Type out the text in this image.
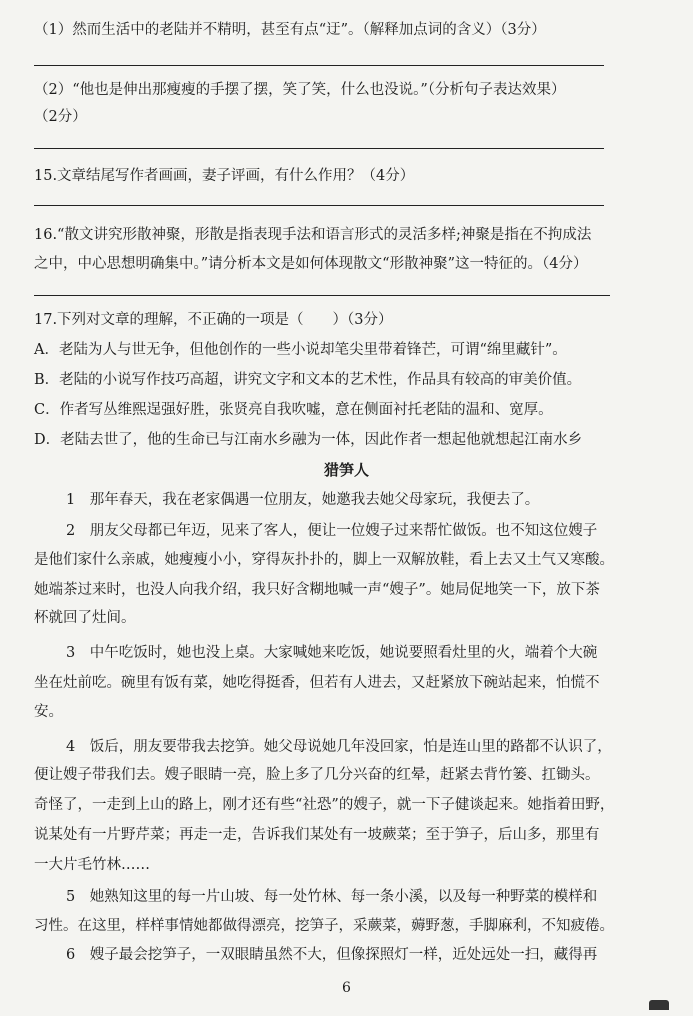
（1）然而生活中的老陆并不精明，甚至有点“迂”。（解释加点词的含义）（3分）
（2）“他也是伸出那瘦瘦的手摆了摆，笑了笑，什么也没说。”（分析句子表达效果）
（2分）
15.文章结尾写作者画画，妻子评画，有什么作用？（4分）
16.“散文讲究形散神聚，形散是指表现手法和语言形式的灵活多样;神聚是指在不拘成法
之中，中心思想明确集中。”请分析本文是如何体现散文“形散神聚”这一特征的。（4分）
17.下列对文章的理解，不正确的一项是（　　）（3分）
A．老陆为人与世无争，但他创作的一些小说却笔尖里带着锋芒，可谓“绵里藏针”。
B．老陆的小说写作技巧高超，讲究文字和文本的艺术性，作品具有较高的审美价值。
C．作者写丛维熙逞强好胜，张贤亮自我吹嘘，意在侧面衬托老陆的温和、宽厚。
D．老陆去世了，他的生命已与江南水乡融为一体，因此作者一想起他就想起江南水乡
猎笋人
1　那年春天，我在老家偶遇一位朋友，她邀我去她父母家玩，我便去了。
2　朋友父母都已年迈，见来了客人，便让一位嫂子过来帮忙做饭。也不知这位嫂子
是他们家什么亲戚，她瘦瘦小小，穿得灰扑扑的，脚上一双解放鞋，看上去又土气又寒酸。
她端茶过来时，也没人向我介绍，我只好含糊地喊一声“嫂子”。她局促地笑一下，放下茶
杯就回了灶间。
3　中午吃饭时，她也没上桌。大家喊她来吃饭，她说要照看灶里的火，端着个大碗
坐在灶前吃。碗里有饭有菜，她吃得挺香，但若有人进去，又赶紧放下碗站起来，怕慌不
安。
4　饭后，朋友要带我去挖笋。她父母说她几年没回家，怕是连山里的路都不认识了，
便让嫂子带我们去。嫂子眼睛一亮，脸上多了几分兴奋的红晕，赶紧去背竹篓、扛锄头。
奇怪了，一走到上山的路上，刚才还有些“社恐”的嫂子，就一下子健谈起来。她指着田野，
说某处有一片野芹菜；再走一走，告诉我们某处有一坡蕨菜；至于笋子，后山多，那里有
一大片毛竹林……
5　她熟知这里的每一片山坡、每一处竹林、每一条小溪，以及每一种野菜的模样和
习性。在这里，样样事情她都做得漂亮，挖笋子，采蕨菜，薅野葱，手脚麻利，不知疲倦。
6　嫂子最会挖笋子，一双眼睛虽然不大，但像探照灯一样，近处远处一扫，藏得再
6
